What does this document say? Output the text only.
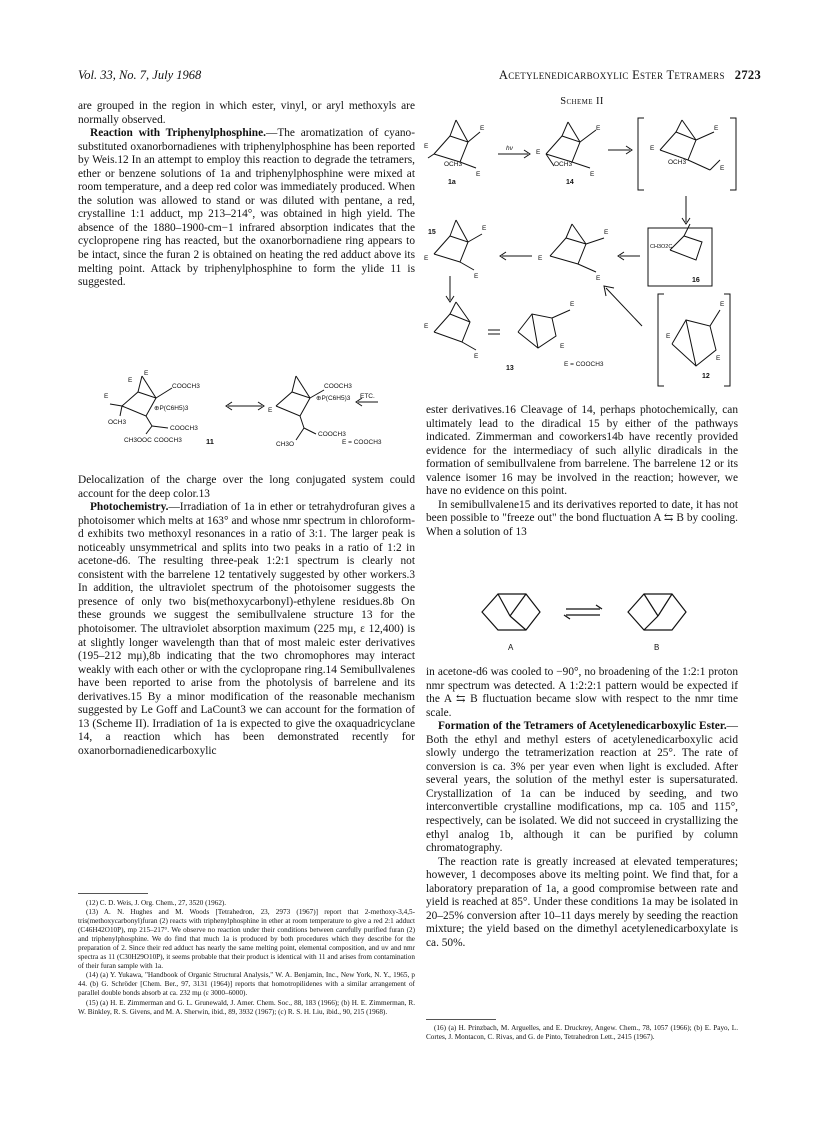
Vol. 33, No. 7, July 1968	Acetylenedicarboxylic Ester Tetramers 2723

are grouped in the region in which ester, vinyl, or aryl methoxyls are normally observed.

Reaction with Triphenylphosphine.—The aromatization of cyano-substituted oxanorbornadienes with triphenylphosphine has been reported by Weis.12 In an attempt to employ this reaction to degrade the tetramers, ether or benzene solutions of 1a and triphenylphosphine were mixed at room temperature, and a deep red color was immediately produced. When the solution was allowed to stand or was diluted with pentane, a red, crystalline 1:1 adduct, mp 213–214°, was obtained in high yield. The absence of the 1880–1900-cm−1 infrared absorption indicates that the cyclopropene ring has reacted, but the oxanorbornadiene ring appears to be intact, since the furan 2 is obtained on heating the red adduct above its melting point. Attack by triphenylphosphine to form the ylide 11 is suggested.

E
E
E
OCH3
⊕P(C6H5)3
COOCH3
COOCH3
CH3OOC COOCH3
E
COOCH3
⊕P(C6H5)3
COOCH3
CH3O
ETC.
11	E = COOCH3

Delocalization of the charge over the long conjugated system could account for the deep color.13

Photochemistry.—Irradiation of 1a in ether or tetrahydrofuran gives a photoisomer which melts at 163° and whose nmr spectrum in chloroform-d exhibits two methoxyl resonances in a ratio of 3:1. The larger peak is noticeably unsymmetrical and splits into two peaks in a ratio of 1:2 in acetone-d6. The resulting three-peak 1:2:1 spectrum is clearly not consistent with the barrelene 12 tentatively suggested by other workers.3 In addition, the ultraviolet spectrum of the photoisomer suggests the presence of only two bis(methoxycarbonyl)-ethylene residues.8b On these grounds we suggest the semibullvalene structure 13 for the photoisomer. The ultraviolet absorption maximum (225 mμ, ε 12,400) is at slightly longer wavelength than that of most maleic ester derivatives (195–212 mμ),8b indicating that the two chromophores may interact weakly with each other or with the cyclopropane ring.14 Semibullvalenes have been reported to arise from the photolysis of barrelene and its derivatives.15 By a minor modification of the reasonable mechanism suggested by Le Goff and LaCount3 we can account for the formation of 13 (Scheme II). Irradiation of 1a is expected to give the oxaquadricyclane 14, a reaction which has been demonstrated recently for oxanorbornadienedicarboxylic

(12) C. D. Weis, J. Org. Chem., 27, 3520 (1962).

(13) A. N. Hughes and M. Woods [Tetrahedron, 23, 2973 (1967)] report that 2-methoxy-3,4,5-tris(methoxycarbonyl)furan (2) reacts with triphenylphosphine in ether at room temperature to give a red 2:1 adduct (C46H42O10P), mp 215–217°. We observe no reaction under their conditions between carefully purified furan (2) and triphenylphosphine. We do find that much 1a is produced by both procedures which they describe for the preparation of 2. Since their red adduct has nearly the same melting point, elemental composition, and uv and nmr spectra as 11 (C30H29O10P), it seems probable that their product is identical with 11 and arises from contamination of their furan sample with 1a.

(14) (a) Y. Yukawa, "Handbook of Organic Structural Analysis," W. A. Benjamin, Inc., New York, N. Y., 1965, p 44. (b) G. Schröder [Chem. Ber., 97, 3131 (1964)] reports that homotropilidenes with a similar arrangement of parallel double bonds absorb at ca. 232 mμ (ε 3000–6000).

(15) (a) H. E. Zimmerman and G. L. Grunewald, J. Amer. Chem. Soc., 88, 183 (1966); (b) H. E. Zimmerman, R. W. Binkley, R. S. Givens, and M. A. Sherwin, ibid., 89, 3932 (1967); (c) R. S. H. Liu, ibid., 90, 215 (1968).

Scheme II
E
OCH3
E
E
1a
hν
E
OCH3
E
E
14
E
OCH3
E
E
15
E
E
E
E
E
E
CH3O2C
16
E
E
E
E
13
E = COOCH3
E
E
E
12

ester derivatives.16 Cleavage of 14, perhaps photochemically, can ultimately lead to the diradical 15 by either of the pathways indicated. Zimmerman and coworkers14b have recently provided evidence for the intermediacy of such allylic diradicals in the formation of semibullvalene from barrelene. The barrelene 12 or its valence isomer 16 may be involved in the reaction; however, we have no evidence on this point.

In semibullvalene15 and its derivatives reported to date, it has not been possible to "freeze out" the bond fluctuation A ⇆ B by cooling. When a solution of 13

A	B

in acetone-d6 was cooled to −90°, no broadening of the 1:2:1 proton nmr spectrum was detected. A 1:2:2:1 pattern would be expected if the A ⇆ B fluctuation became slow with respect to the nmr time scale.

Formation of the Tetramers of Acetylenedicarboxylic Ester.—Both the ethyl and methyl esters of acetylenedicarboxylic acid slowly undergo the tetramerization reaction at 25°. The rate of conversion is ca. 3% per year even when light is excluded. After several years, the solution of the methyl ester is supersaturated. Crystallization of 1a can be induced by seeding, and two interconvertible crystalline modifications, mp ca. 105 and 115°, respectively, can be isolated. We did not succeed in crystallizing the ethyl analog 1b, although it can be purified by column chromatography.

The reaction rate is greatly increased at elevated temperatures; however, 1 decomposes above its melting point. We find that, for a laboratory preparation of 1a, a good compromise between rate and yield is reached at 85°. Under these conditions 1a may be isolated in 20–25% conversion after 10–11 days merely by seeding the reaction mixture; the yield based on the dimethyl acetylenedicarboxylate is ca. 50%.

(16) (a) H. Prinzbach, M. Arguelles, and E. Druckrey, Angew. Chem., 78, 1057 (1966); (b) E. Payo, L. Cortes, J. Montacon, C. Rivas, and G. de Pinto, Tetrahedron Lett., 2415 (1967).
